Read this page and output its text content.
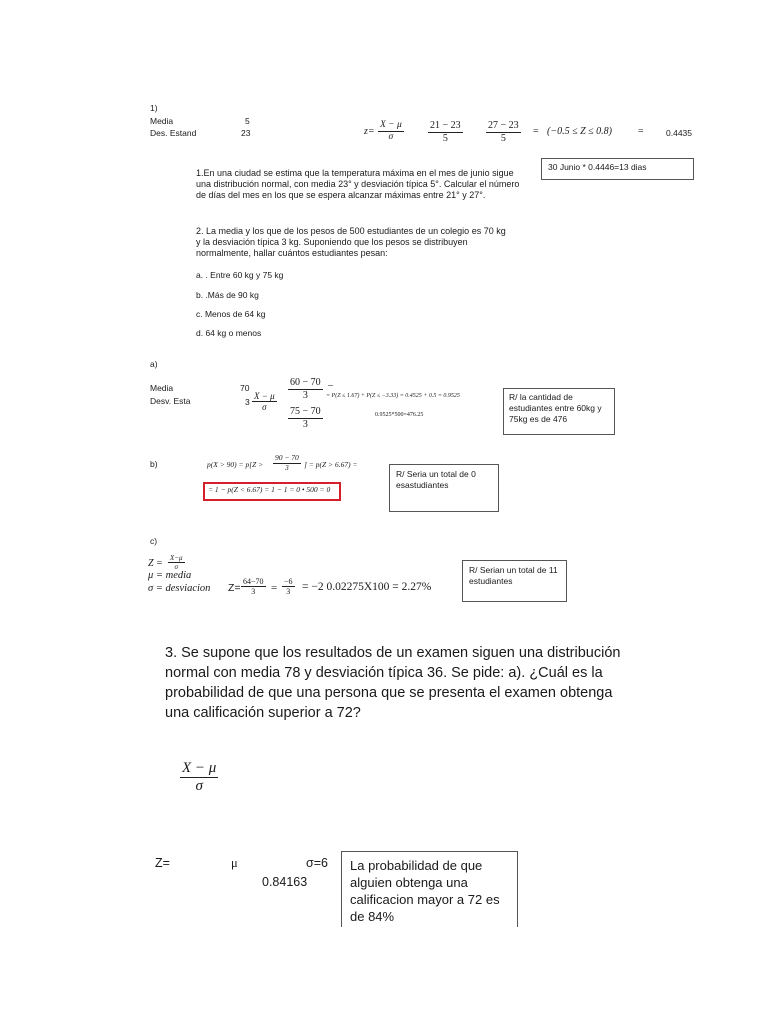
1)
Media	5
Des. Estand	23	$z= \frac{X - \mu}{\sigma} \frac{21 - 23}{5} \frac{27 - 23}{5} = (-0.5 \le Z \le 0.8)$	=	0.4435
1.En una ciudad se estima que la temperatura máxima en el mes de junio sigue una distribución normal, con media 23° y desviación típica 5°. Calcular el número de días del mes en los que se espera alcanzar máximas entre 21° y 27°.
30 Junio * 0.4446=13 dias
2. La media y los que de los pesos de 500 estudiantes de un colegio es 70 kg y la desviación típica 3 kg. Suponiendo que los pesos se distribuyen normalmente, hallar cuántos estudiantes pesan:
a. . Entre 60 kg y 75 kg
b. .Más de 90 kg
c. Menos de 64 kg
d. 64 kg o menos
a)
Media	70
Desv. Esta	$3 \frac{X - \mu}{\sigma}$
$\frac{60 - 70}{3}$ –
= P(Z ≤ 1.67) + P(Z ≤ −3.33) = 0.4525 + 0.5 = 0.9525
$\frac{75 - 70}{3}$	0.9525*500=476.25
R/ la cantidad de estudiantes entre 60kg y 75kg es de 476
b)	$p(X > 90) = p[Z > \frac{90 - 70}{3}$ ] = p(Z > 6.67) =
= 1 − p(Z < 6.67) = 1 − 1 = 0 • 500 = 0
R/ Seria un total de 0 esastudiantes
c)
$Z = \frac{X-\mu}{\sigma}$
μ = media
σ = desviacion $Z= \frac{64-70}{3} = \frac{-6}{3} = -2$ 0.02275X100 = 2.27%
R/ Serian un total de 11 estudiantes
3. Se supone que los resultados de un examen siguen una distribución normal con media 78 y desviación típica 36. Se pide: a). ¿Cuál es la probabilidad de que una persona que se presenta el examen obtenga una calificación superior a 72?
$\frac{X - \mu}{\sigma}$
Z=	μ	σ=6
0.84163
La probabilidad de que alguien obtenga una calificacion mayor a 72 es de 84%
